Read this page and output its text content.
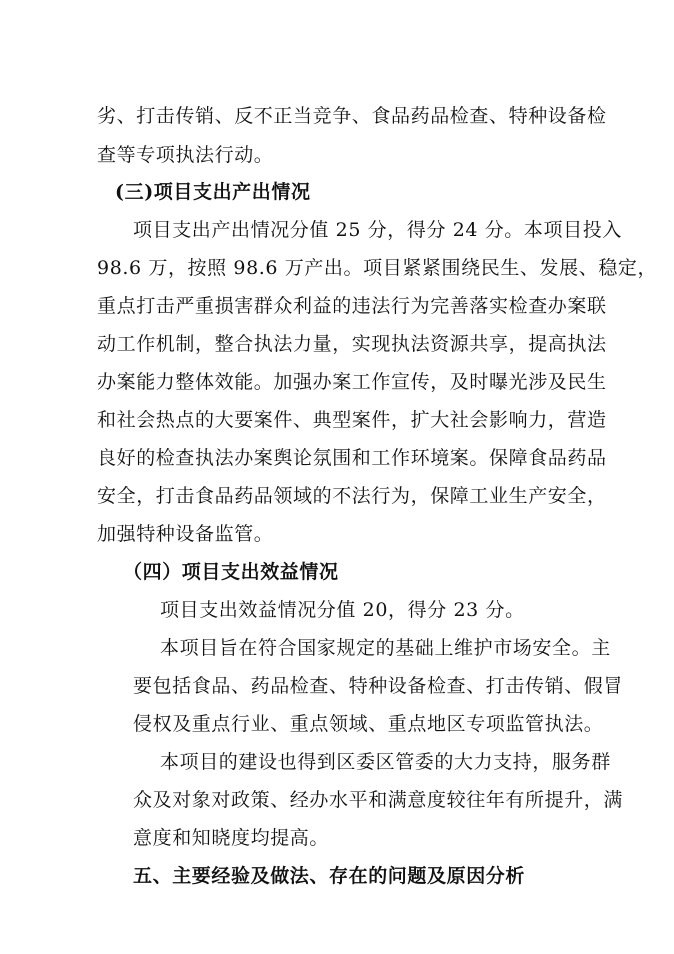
劣、打击传销、反不正当竞争、食品药品检查、特种设备检
查等专项执法行动。
(三)项目支出产出情况
项目支出产出情况分值 25 分，得分 24 分。本项目投入
98.6 万，按照 98.6 万产出。项目紧紧围绕民生、发展、稳定，
重点打击严重损害群众利益的违法行为完善落实检查办案联
动工作机制，整合执法力量，实现执法资源共享，提高执法
办案能力整体效能。加强办案工作宣传，及时曝光涉及民生
和社会热点的大要案件、典型案件，扩大社会影响力，营造
良好的检查执法办案舆论氛围和工作环境案。保障食品药品
安全，打击食品药品领域的不法行为，保障工业生产安全，
加强特种设备监管。
（四）项目支出效益情况
项目支出效益情况分值 20，得分 23 分。
本项目旨在符合国家规定的基础上维护市场安全。主
要包括食品、药品检查、特种设备检查、打击传销、假冒
侵权及重点行业、重点领域、重点地区专项监管执法。
本项目的建设也得到区委区管委的大力支持，服务群
众及对象对政策、经办水平和满意度较往年有所提升，满
意度和知晓度均提高。
五、主要经验及做法、存在的问题及原因分析
